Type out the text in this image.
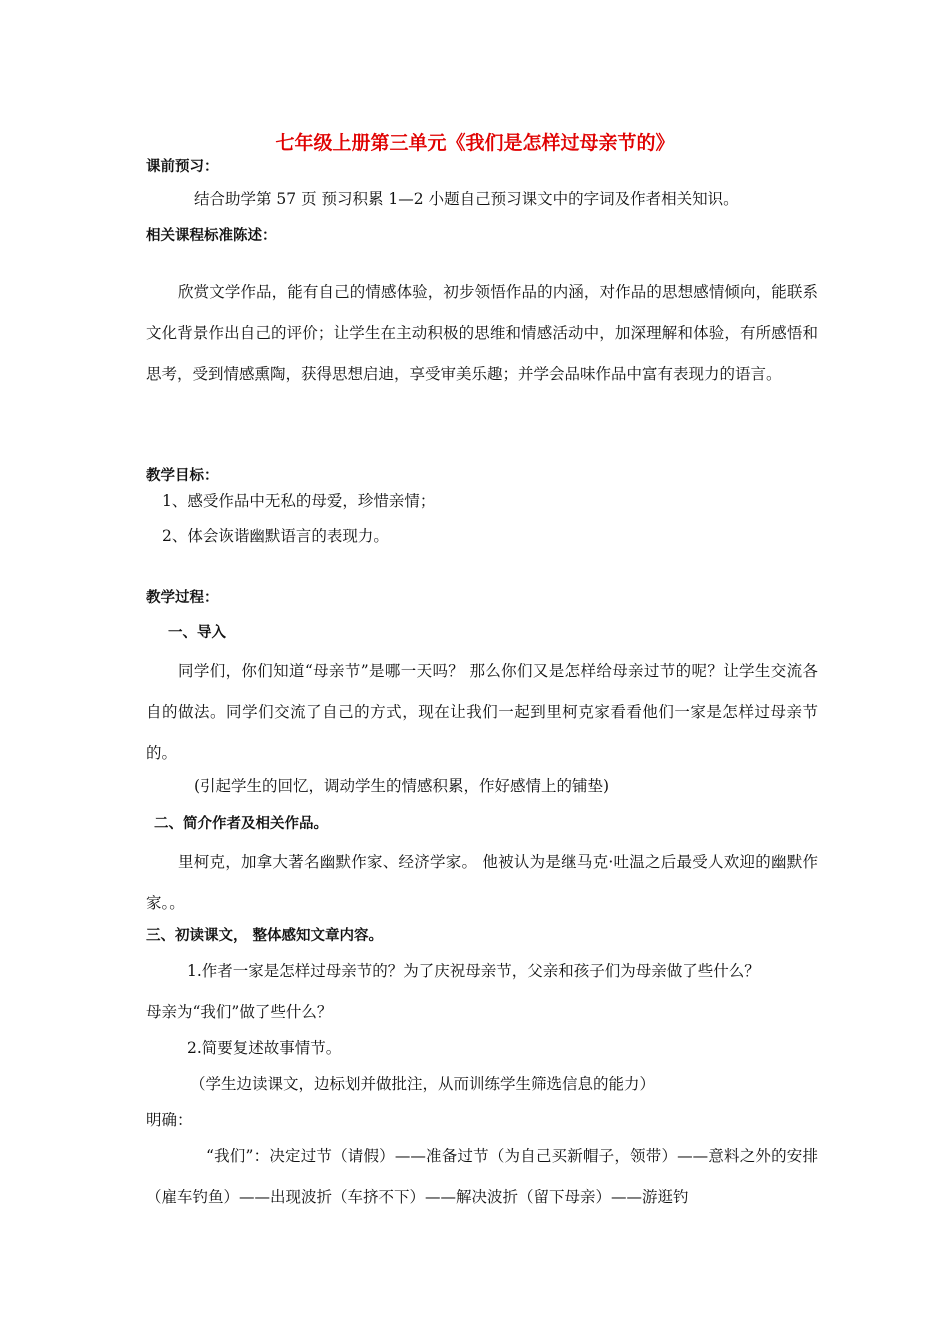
七年级上册第三单元《我们是怎样过母亲节的》
课前预习：
结合助学第 57 页 预习积累 1—2 小题自己预习课文中的字词及作者相关知识。
相关课程标准陈述：
欣赏文学作品，能有自己的情感体验，初步领悟作品的内涵，对作品的思想感情倾向，能联系文化背景作出自己的评价；让学生在主动积极的思维和情感活动中，加深理解和体验，有所感悟和思考，受到情感熏陶，获得思想启迪，享受审美乐趣；并学会品味作品中富有表现力的语言。
教学目标：
1、感受作品中无私的母爱，珍惜亲情；
2、体会诙谐幽默语言的表现力。
教学过程：
一、导入
同学们，你们知道“母亲节”是哪一天吗？ 那么你们又是怎样给母亲过节的呢？让学生交流各自的做法。同学们交流了自己的方式，现在让我们一起到里柯克家看看他们一家是怎样过母亲节的。
(引起学生的回忆，调动学生的情感积累，作好感情上的铺垫)
二、简介作者及相关作品。
里柯克，加拿大著名幽默作家、经济学家。 他被认为是继马克·吐温之后最受人欢迎的幽默作家。。
三、初读课文， 整体感知文章内容。
1.作者一家是怎样过母亲节的？为了庆祝母亲节，父亲和孩子们为母亲做了些什么？
母亲为“我们”做了些什么？
2.简要复述故事情节。
（学生边读课文，边标划并做批注，从而训练学生筛选信息的能力）
明确：
“我们”：决定过节（请假）——准备过节（为自己买新帽子，领带）——意料之外的安排（雇车钓鱼）——出现波折（车挤不下）——解决波折（留下母亲）——游逛钓
